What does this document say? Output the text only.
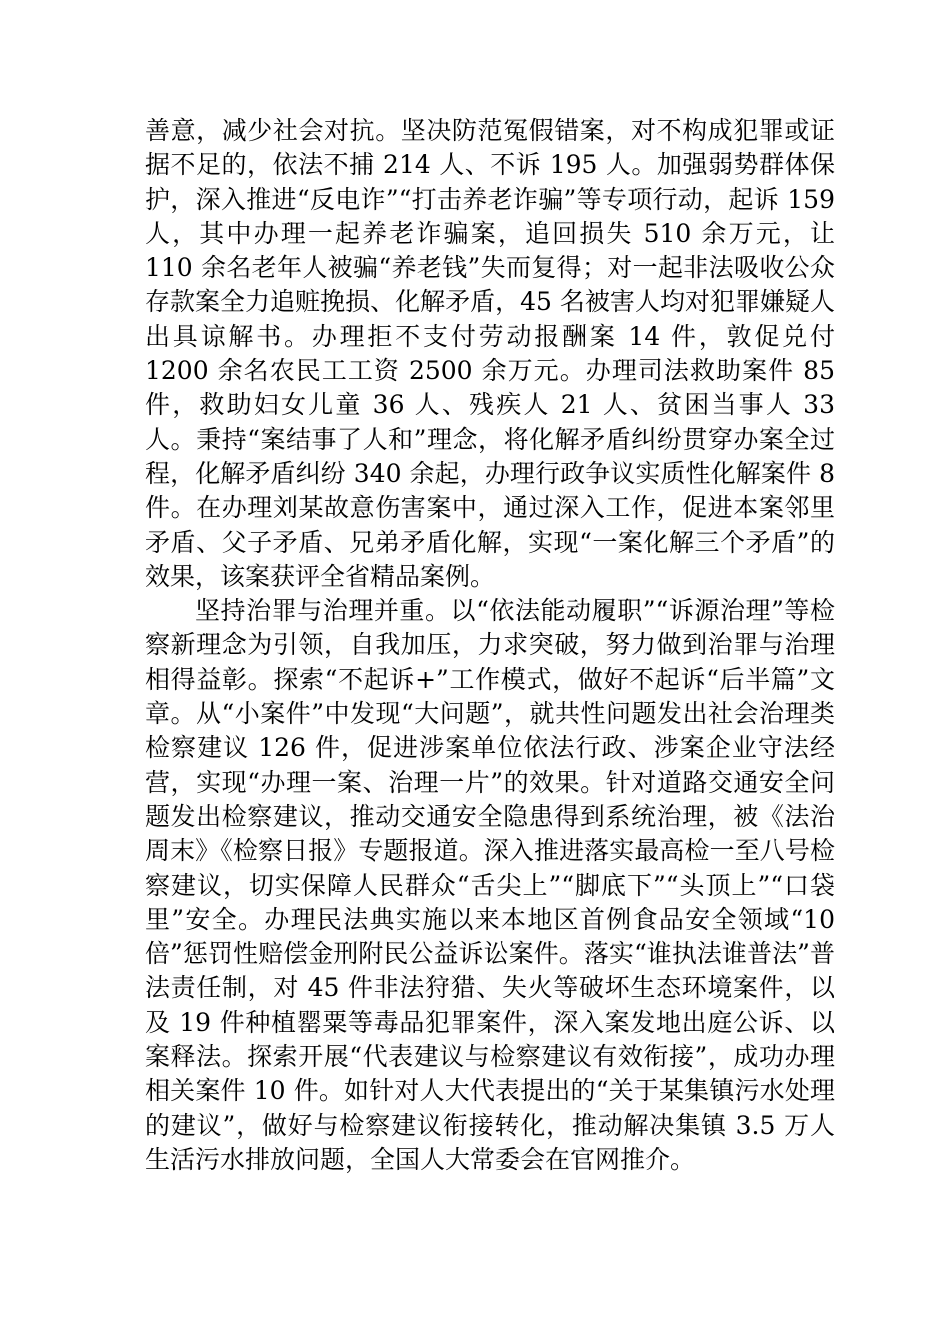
善意，减少社会对抗。坚决防范冤假错案，对不构成犯罪或证据不足的，依法不捕 214 人、不诉 195 人。加强弱势群体保护，深入推进“反电诈”“打击养老诈骗”等专项行动，起诉 159 人，其中办理一起养老诈骗案，追回损失 510 余万元，让 110 余名老年人被骗“养老钱”失而复得；对一起非法吸收公众存款案全力追赃挽损、化解矛盾，45 名被害人均对犯罪嫌疑人出具谅解书。办理拒不支付劳动报酬案 14 件，敦促兑付 1200 余名农民工工资 2500 余万元。办理司法救助案件 85 件，救助妇女儿童 36 人、残疾人 21 人、贫困当事人 33 人。秉持“案结事了人和”理念，将化解矛盾纠纷贯穿办案全过程，化解矛盾纠纷 340 余起，办理行政争议实质性化解案件 8 件。在办理刘某故意伤害案中，通过深入工作，促进本案邻里矛盾、父子矛盾、兄弟矛盾化解，实现“一案化解三个矛盾”的效果，该案获评全省精品案例。

坚持治罪与治理并重。以“依法能动履职”“诉源治理”等检察新理念为引领，自我加压，力求突破，努力做到治罪与治理相得益彰。探索“不起诉+”工作模式，做好不起诉“后半篇”文章。从“小案件”中发现“大问题”，就共性问题发出社会治理类检察建议 126 件，促进涉案单位依法行政、涉案企业守法经营，实现“办理一案、治理一片”的效果。针对道路交通安全问题发出检察建议，推动交通安全隐患得到系统治理，被《法治周末》《检察日报》专题报道。深入推进落实最高检一至八号检察建议，切实保障人民群众“舌尖上”“脚底下”“头顶上”“口袋里”安全。办理民法典实施以来本地区首例食品安全领域“10 倍”惩罚性赔偿金刑附民公益诉讼案件。落实“谁执法谁普法”普法责任制，对 45 件非法狩猎、失火等破坏生态环境案件，以及 19 件种植罂粟等毒品犯罪案件，深入案发地出庭公诉、以案释法。探索开展“代表建议与检察建议有效衔接”，成功办理相关案件 10 件。如针对人大代表提出的“关于某集镇污水处理的建议”，做好与检察建议衔接转化，推动解决集镇 3.5 万人生活污水排放问题，全国人大常委会在官网推介。
